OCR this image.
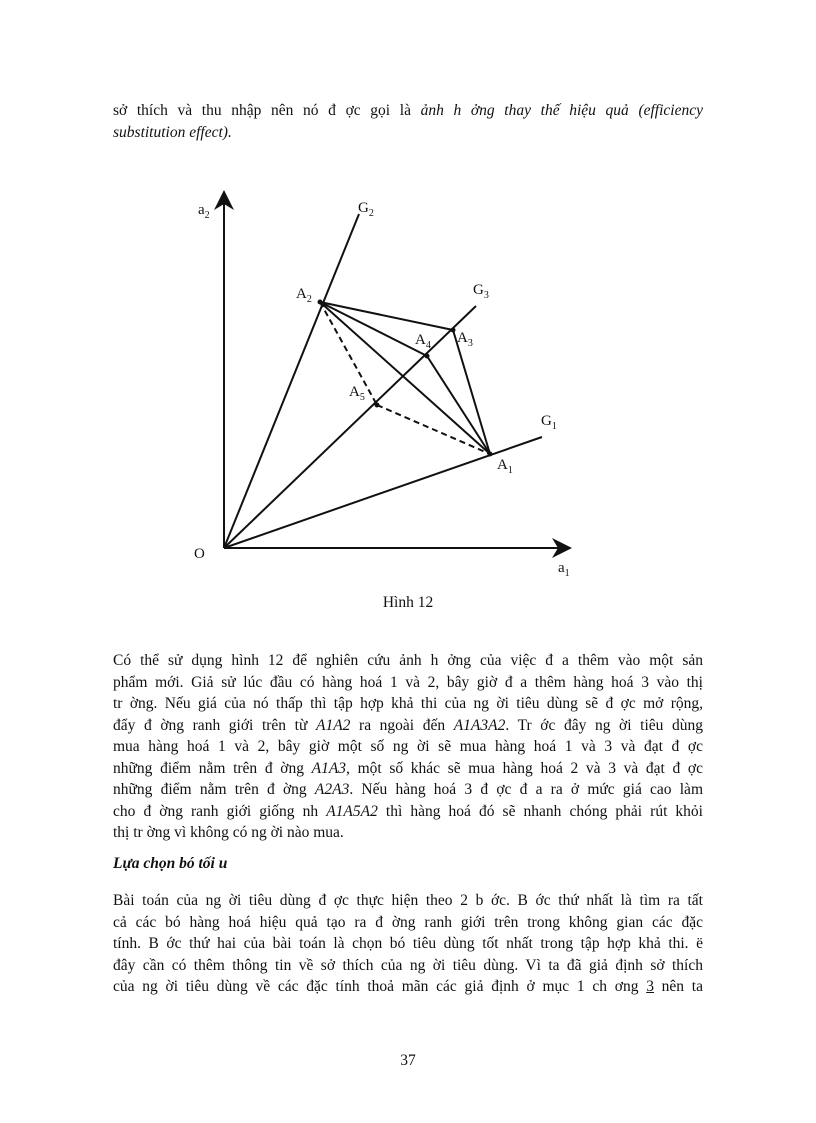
sở thích và thu nhập nên nó đ ợc gọi là ảnh h ởng thay thế hiệu quả (efficiency
substitution effect).

$a_2$
O
$a_1$
$G_2$
$G_3$
$G_1$
$A_2$
$A_3$
$A_4$
$A_5$
$A_1$
Hình 12

Có thể sử dụng hình 12 để nghiên cứu ảnh h ởng của việc đ a thêm vào một sản
phẩm mới. Giả sử lúc đầu có hàng hoá 1 và 2, bây giờ đ a thêm hàng hoá 3 vào thị
tr ờng. Nếu giá của nó thấp thì tập hợp khả thi của ng ời tiêu dùng sẽ đ ợc mở rộng,
đẩy đ ờng ranh giới trên từ A1A2 ra ngoài đến A1A3A2. Tr ớc đây ng ời tiêu dùng
mua hàng hoá 1 và 2, bây giờ một số ng ời sẽ mua hàng hoá 1 và 3 và đạt đ ợc
những điểm nằm trên đ ờng A1A3, một số khác sẽ mua hàng hoá 2 và 3 và đạt đ ợc
những điểm nằm trên đ ờng A2A3. Nếu hàng hoá 3 đ ợc đ a ra ở mức giá cao làm
cho đ ờng ranh giới giống nh A1A5A2 thì hàng hoá đó sẽ nhanh chóng phải rút khỏi
thị tr ờng vì không có ng ời nào mua.

Lựa chọn bó tối u

Bài toán của ng ời tiêu dùng đ ợc thực hiện theo 2 b ớc. B ớc thứ nhất là tìm ra tất
cả các bó hàng hoá hiệu quả tạo ra đ ờng ranh giới trên trong không gian các đặc
tính. B ớc thứ hai của bài toán là chọn bó tiêu dùng tốt nhất trong tập hợp khả thi. ë
đây cần có thêm thông tin về sở thích của ng ời tiêu dùng. Vì ta đã giả định sở thích
của ng ời tiêu dùng về các đặc tính thoả mãn các giả định ở mục 1 ch ơng 3 nên ta

37
